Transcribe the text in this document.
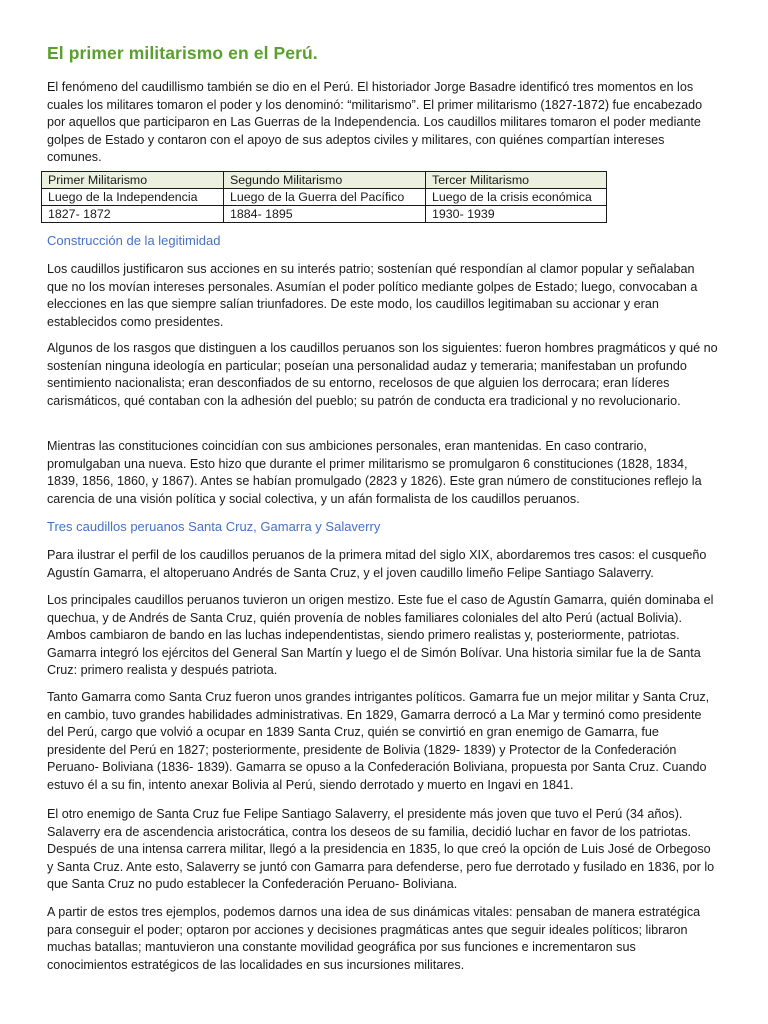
El primer militarismo en el Perú.

El fenómeno del caudillismo también se dio en el Perú. El historiador Jorge Basadre identificó tres momentos en los cuales los militares tomaron el poder y los denominó: “militarismo”. El primer militarismo (1827-1872) fue encabezado por aquellos que participaron en Las Guerras de la Independencia. Los caudillos militares tomaron el poder mediante golpes de Estado y contaron con el apoyo de sus adeptos civiles y militares, con quiénes compartían intereses comunes.

Primer Militarismo	Segundo Militarismo	Tercer Militarismo
Luego de la Independencia	Luego de la Guerra del Pacífico	Luego de la crisis económica
1827- 1872	1884- 1895	1930- 1939
Construcción de la legitimidad

Los caudillos justificaron sus acciones en su interés patrio; sostenían qué respondían al clamor popular y señalaban que no los movían intereses personales. Asumían el poder político mediante golpes de Estado; luego, convocaban a elecciones en las que siempre salían triunfadores. De este modo, los caudillos legitimaban su accionar y eran establecidos como presidentes.

Algunos de los rasgos que distinguen a los caudillos peruanos son los siguientes: fueron hombres pragmáticos y qué no sostenían ninguna ideología en particular; poseían una personalidad audaz y temeraria; manifestaban un profundo sentimiento nacionalista; eran desconfiados de su entorno, recelosos de que alguien los derrocara; eran líderes carismáticos, qué contaban con la adhesión del pueblo; su patrón de conducta era tradicional y no revolucionario.

Mientras las constituciones coincidían con sus ambiciones personales, eran mantenidas. En caso contrario, promulgaban una nueva. Esto hizo que durante el primer militarismo se promulgaron 6 constituciones (1828, 1834, 1839, 1856, 1860, y 1867). Antes se habían promulgado (2823 y 1826). Este gran número de constituciones reflejo la carencia de una visión política y social colectiva, y un afán formalista de los caudillos peruanos.

Tres caudillos peruanos Santa Cruz, Gamarra y Salaverry

Para ilustrar el perfil de los caudillos peruanos de la primera mitad del siglo XIX, abordaremos tres casos: el cusqueño Agustín Gamarra, el altoperuano Andrés de Santa Cruz, y el joven caudillo limeño Felipe Santiago Salaverry.

Los principales caudillos peruanos tuvieron un origen mestizo. Este fue el caso de Agustín Gamarra, quién dominaba el quechua, y de Andrés de Santa Cruz, quién provenía de nobles familiares coloniales del alto Perú (actual Bolivia). Ambos cambiaron de bando en las luchas independentistas, siendo primero realistas y, posteriormente, patriotas. Gamarra integró los ejércitos del General San Martín y luego el de Simón Bolívar. Una historia similar fue la de Santa Cruz: primero realista y después patriota.

Tanto Gamarra como Santa Cruz fueron unos grandes intrigantes políticos. Gamarra fue un mejor militar y Santa Cruz, en cambio, tuvo grandes habilidades administrativas. En 1829, Gamarra derrocó a La Mar y terminó como presidente del Perú, cargo que volvió a ocupar en 1839 Santa Cruz, quién se convirtió en gran enemigo de Gamarra, fue presidente del Perú en 1827; posteriormente, presidente de Bolivia (1829- 1839) y Protector de la Confederación Peruano- Boliviana (1836- 1839). Gamarra se opuso a la Confederación Boliviana, propuesta por Santa Cruz. Cuando estuvo él a su fin, intento anexar Bolivia al Perú, siendo derrotado y muerto en Ingavi en 1841.

El otro enemigo de Santa Cruz fue Felipe Santiago Salaverry, el presidente más joven que tuvo el Perú (34 años). Salaverry era de ascendencia aristocrática, contra los deseos de su familia, decidió luchar en favor de los patriotas. Después de una intensa carrera militar, llegó a la presidencia en 1835, lo que creó la opción de Luis José de Orbegoso y Santa Cruz. Ante esto, Salaverry se juntó con Gamarra para defenderse, pero fue derrotado y fusilado en 1836, por lo que Santa Cruz no pudo establecer la Confederación Peruano- Boliviana.

A partir de estos tres ejemplos, podemos darnos una idea de sus dinámicas vitales: pensaban de manera estratégica para conseguir el poder; optaron por acciones y decisiones pragmáticas antes que seguir ideales políticos; libraron muchas batallas; mantuvieron una constante movilidad geográfica por sus funciones e incrementaron sus conocimientos estratégicos de las localidades en sus incursiones militares.
